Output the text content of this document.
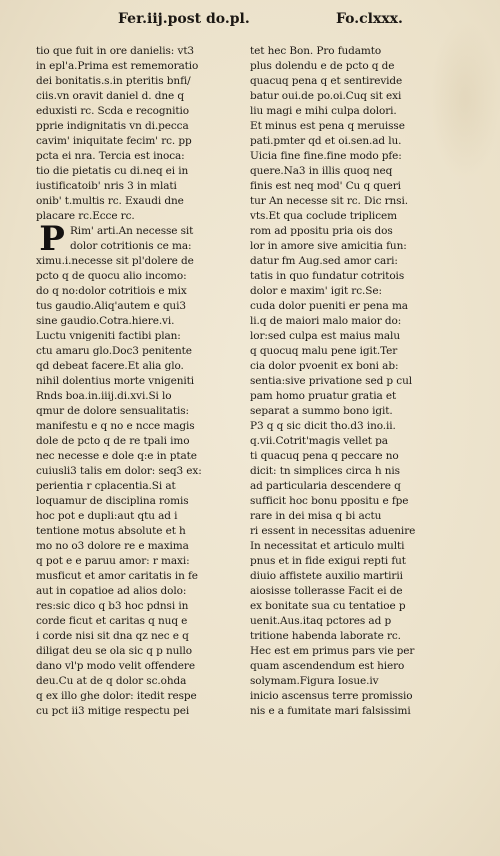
Fer.iij.post do.pl.	Fo.clxxx.
tio que fuit in ore danielis: vt3
in epl'a.Prima est rememoratio
dei bonitatis.s.in pteritis bnfi/
ciis.vn oravit daniel d. dne q
eduxisti rc. Scda e recognitio
pprie indignitatis vn di.pecca
cavim' iniquitate fecim' rc. pp
pcta ei nra. Tercia est inoca:
tio die pietatis cu di.neq ei in
iustificatoib' nris 3 in mlati
onib' t.multis rc. Exaudi dne
placare rc.Ecce rc.
Rim' arti.An necesse sit
dolor cotritionis ce ma:
ximu.i.necesse sit pl'dolere de
pcto q de quocu alio incomo:
do q no:dolor cotritiois e mix
tus gaudio.Aliq'autem e qui3
sine gaudio.Cotra.hiere.vi.
Luctu vnigeniti factibi plan:
ctu amaru glo.Doc3 penitente
qd debeat facere.Et alia glo.
nihil dolentius morte vnigeniti
Rnds boa.in.iiij.di.xvi.Si lo
qmur de dolore sensualitatis:
manifestu e q no e ncce magis
dole de pcto q de re tpali imo
nec necesse e dole q:e in ptate
cuiusli3 talis em dolor: seq3 ex:
perientia r cplacentia.Si at
loquamur de disciplina romis
hoc pot e dupli:aut qtu ad i
tentione motus absolute et h
mo no o3 dolore re e maxima
q pot e e paruu amor: r maxi:
musficut et amor caritatis in fe
aut in copatioe ad alios dolo:
res:sic dico q b3 hoc pdnsi in
corde ficut et caritas q nuq e
i corde nisi sit dna qz nec e q
diligat deu se ola sic q p nullo
dano vl'p modo velit offendere
deu.Cu at de q dolor sc.ohda
q ex illo ghe dolor: itedit respe
cu pct ii3 mitige respectu pei
P
tet hec Bon. Pro fudamto
plus dolendu e de pcto q de
quacuq pena q et sentirevide
batur oui.de po.oi.Cuq sit exi
liu magi e mihi culpa dolori.
Et minus est pena q meruisse
pati.pmter qd et oi.sen.ad lu.
Uicia fine fine.fine modo pfe:
quere.Na3 in illis quoq neq
finis est neq mod' Cu q queri
tur An necesse sit rc. Dic rnsi.
vts.Et qua coclude triplicem
rom ad ppositu pria ois dos
lor in amore sive amicitia fun:
datur fm Aug.sed amor cari:
tatis in quo fundatur cotritois
dolor e maxim' igit rc.Se:
cuda dolor pueniti er pena ma
li.q de maiori malo maior do:
lor:sed culpa est maius malu
q quocuq malu pene igit.Ter
cia dolor pvoenit ex boni ab:
sentia:sive privatione sed p cul
pam homo pruatur gratia et
separat a summo bono igit.
P3 q q sic dicit tho.d3 ino.ii.
q.vii.Cotrit'magis vellet pa
ti quacuq pena q peccare no
dicit: tn simplices circa h nis
ad particularia descendere q
sufficit hoc bonu ppositu e fpe
rare in dei misa q bi actu
ri essent in necessitas aduenire
In necessitat et articulo multi
pnus et in fide exigui repti fut
diuio affistete auxilio martirii
aiosisse tollerasse Facit ei de
ex bonitate sua cu tentatioe p
uenit.Aus.itaq pctores ad p
tritione habenda laborate rc.
Hec est em primus pars vie per
quam ascendendum est hiero
solymam.Figura Iosue.iv
inicio ascensus terre promissio
nis e a fumitate mari falsissimi
